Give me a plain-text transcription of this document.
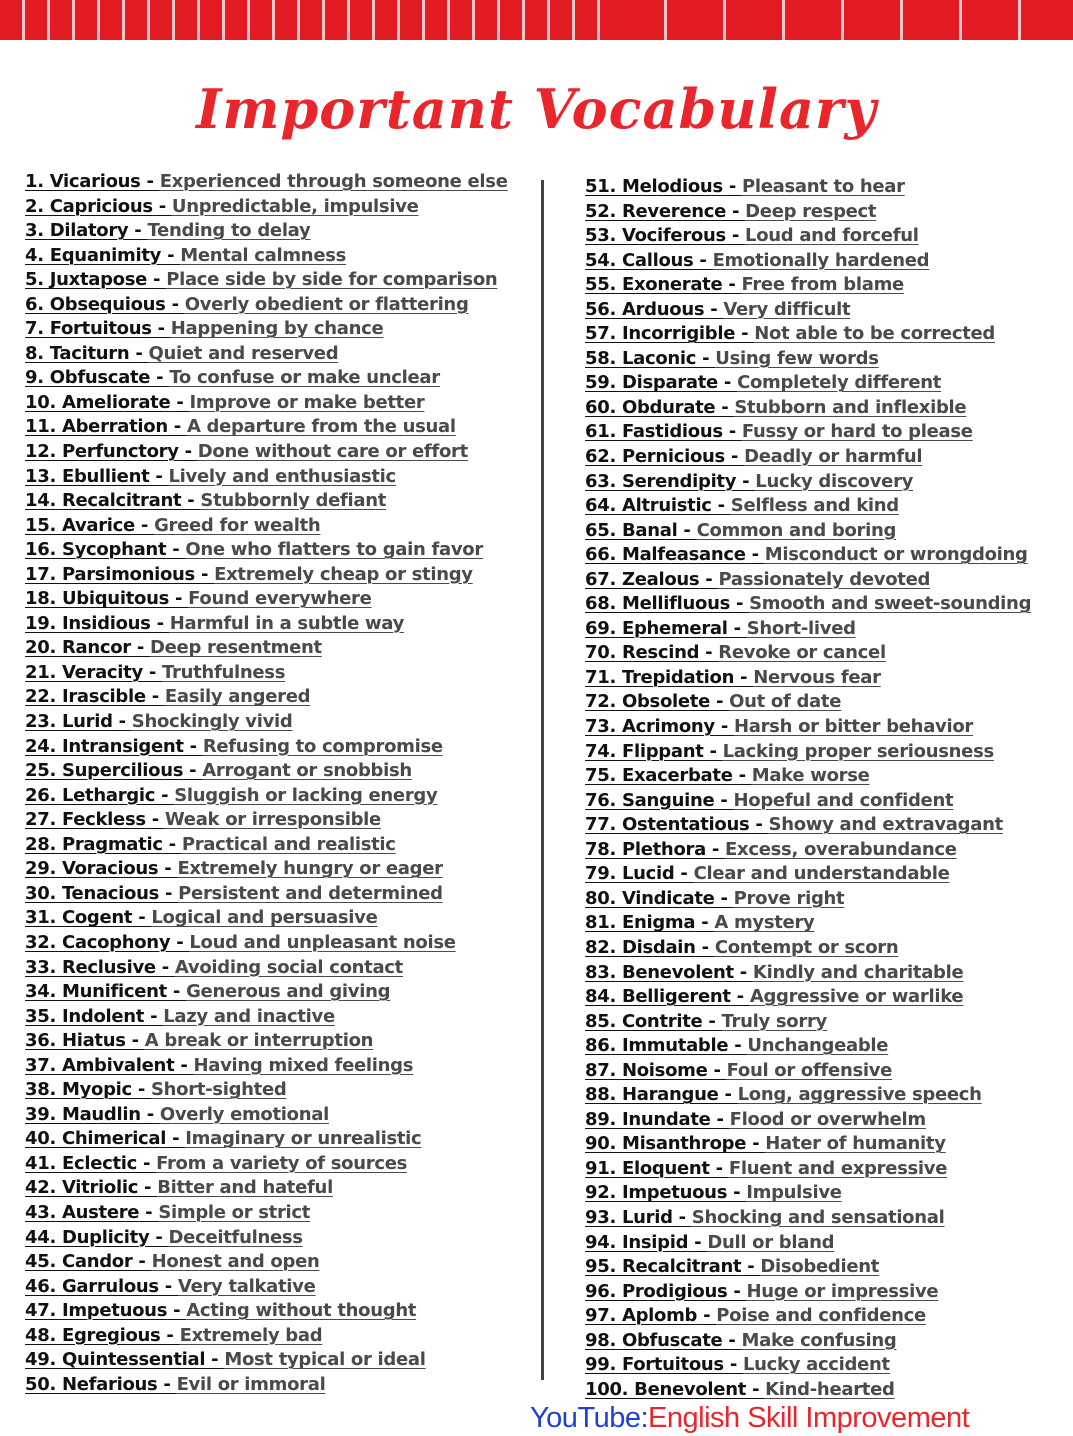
Important Vocabulary
1. Vicarious - Experienced through someone else
2. Capricious - Unpredictable, impulsive
3. Dilatory - Tending to delay
4. Equanimity - Mental calmness
5. Juxtapose - Place side by side for comparison
6. Obsequious - Overly obedient or flattering
7. Fortuitous - Happening by chance
8. Taciturn - Quiet and reserved
9. Obfuscate - To confuse or make unclear
10. Ameliorate - Improve or make better
11. Aberration - A departure from the usual
12. Perfunctory - Done without care or effort
13. Ebullient - Lively and enthusiastic
14. Recalcitrant - Stubbornly defiant
15. Avarice - Greed for wealth
16. Sycophant - One who flatters to gain favor
17. Parsimonious - Extremely cheap or stingy
18. Ubiquitous - Found everywhere
19. Insidious - Harmful in a subtle way
20. Rancor - Deep resentment
21. Veracity - Truthfulness
22. Irascible - Easily angered
23. Lurid - Shockingly vivid
24. Intransigent - Refusing to compromise
25. Supercilious - Arrogant or snobbish
26. Lethargic - Sluggish or lacking energy
27. Feckless - Weak or irresponsible
28. Pragmatic - Practical and realistic
29. Voracious - Extremely hungry or eager
30. Tenacious - Persistent and determined
31. Cogent - Logical and persuasive
32. Cacophony - Loud and unpleasant noise
33. Reclusive - Avoiding social contact
34. Munificent - Generous and giving
35. Indolent - Lazy and inactive
36. Hiatus - A break or interruption
37. Ambivalent - Having mixed feelings
38. Myopic - Short-sighted
39. Maudlin - Overly emotional
40. Chimerical - Imaginary or unrealistic
41. Eclectic - From a variety of sources
42. Vitriolic - Bitter and hateful
43. Austere - Simple or strict
44. Duplicity - Deceitfulness
45. Candor - Honest and open
46. Garrulous - Very talkative
47. Impetuous - Acting without thought
48. Egregious - Extremely bad
49. Quintessential - Most typical or ideal
50. Nefarious - Evil or immoral
51. Melodious - Pleasant to hear
52. Reverence - Deep respect
53. Vociferous - Loud and forceful
54. Callous - Emotionally hardened
55. Exonerate - Free from blame
56. Arduous - Very difficult
57. Incorrigible - Not able to be corrected
58. Laconic - Using few words
59. Disparate - Completely different
60. Obdurate - Stubborn and inflexible
61. Fastidious - Fussy or hard to please
62. Pernicious - Deadly or harmful
63. Serendipity - Lucky discovery
64. Altruistic - Selfless and kind
65. Banal - Common and boring
66. Malfeasance - Misconduct or wrongdoing
67. Zealous - Passionately devoted
68. Mellifluous - Smooth and sweet-sounding
69. Ephemeral - Short-lived
70. Rescind - Revoke or cancel
71. Trepidation - Nervous fear
72. Obsolete - Out of date
73. Acrimony - Harsh or bitter behavior
74. Flippant - Lacking proper seriousness
75. Exacerbate - Make worse
76. Sanguine - Hopeful and confident
77. Ostentatious - Showy and extravagant
78. Plethora - Excess, overabundance
79. Lucid - Clear and understandable
80. Vindicate - Prove right
81. Enigma - A mystery
82. Disdain - Contempt or scorn
83. Benevolent - Kindly and charitable
84. Belligerent - Aggressive or warlike
85. Contrite - Truly sorry
86. Immutable - Unchangeable
87. Noisome - Foul or offensive
88. Harangue - Long, aggressive speech
89. Inundate - Flood or overwhelm
90. Misanthrope - Hater of humanity
91. Eloquent - Fluent and expressive
92. Impetuous - Impulsive
93. Lurid - Shocking and sensational
94. Insipid - Dull or bland
95. Recalcitrant - Disobedient
96. Prodigious - Huge or impressive
97. Aplomb - Poise and confidence
98. Obfuscate - Make confusing
99. Fortuitous - Lucky accident
100. Benevolent - Kind-hearted
YouTube:English Skill Improvement
